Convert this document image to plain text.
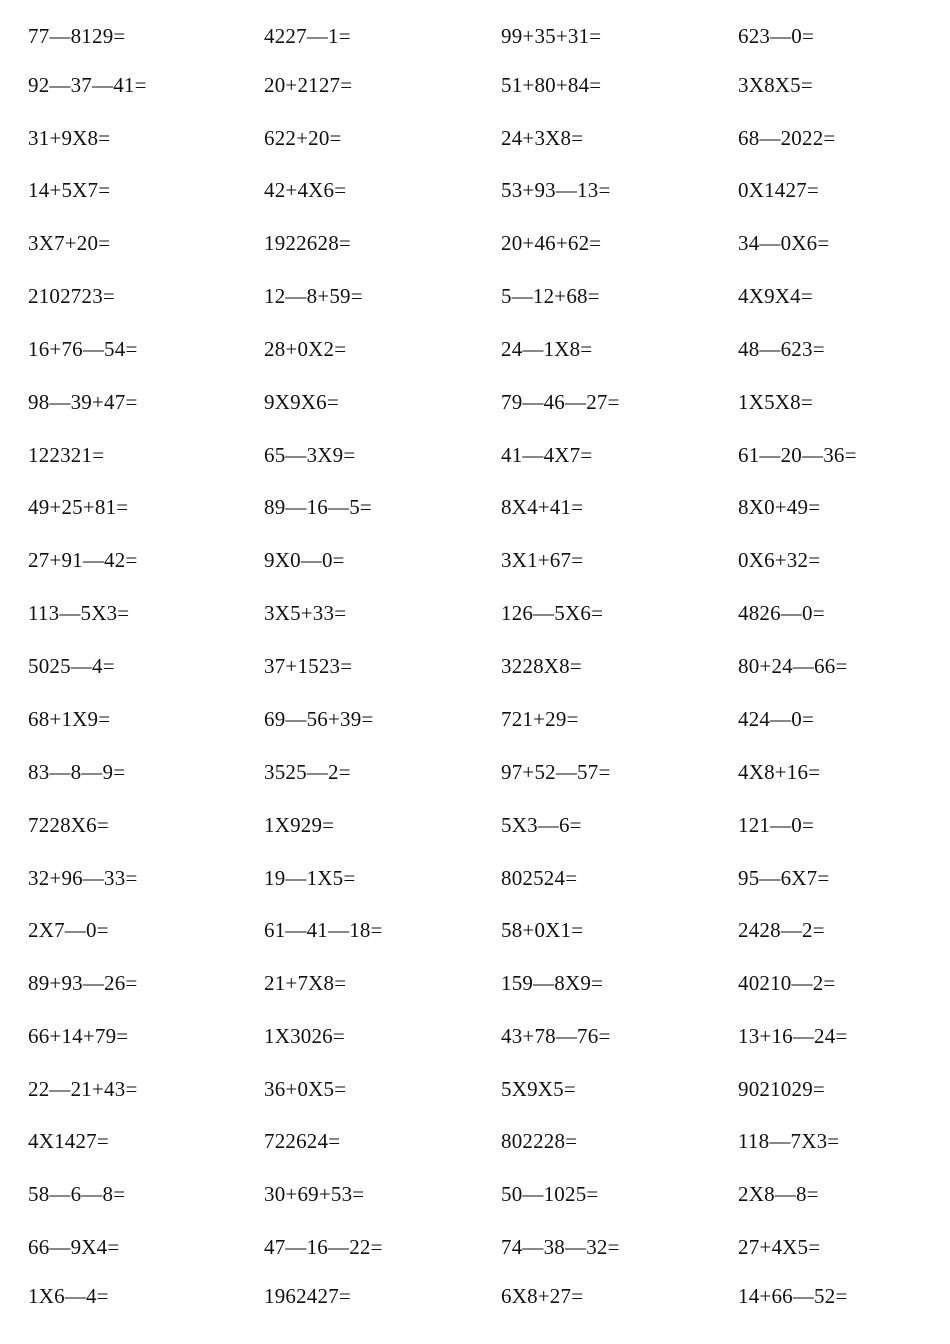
77—8129=	4227—1=	99+35+31=	623—0=
92—37—41=	20+2127=	51+80+84=	3X8X5=
31+9X8=	622+20=	24+3X8=	68—2022=
14+5X7=	42+4X6=	53+93—13=	0X1427=
3X7+20=	1922628=	20+46+62=	34—0X6=
2102723=	12—8+59=	5—12+68=	4X9X4=
16+76—54=	28+0X2=	24—1X8=	48—623=
98—39+47=	9X9X6=	79—46—27=	1X5X8=
122321=	65—3X9=	41—4X7=	61—20—36=
49+25+81=	89—16—5=	8X4+41=	8X0+49=
27+91—42=	9X0—0=	3X1+67=	0X6+32=
113—5X3=	3X5+33=	126—5X6=	4826—0=
5025—4=	37+1523=	3228X8=	80+24—66=
68+1X9=	69—56+39=	721+29=	424—0=
83—8—9=	3525—2=	97+52—57=	4X8+16=
7228X6=	1X929=	5X3—6=	121—0=
32+96—33=	19—1X5=	802524=	95—6X7=
2X7—0=	61—41—18=	58+0X1=	2428—2=
89+93—26=	21+7X8=	159—8X9=	40210—2=
66+14+79=	1X3026=	43+78—76=	13+16—24=
22—21+43=	36+0X5=	5X9X5=	9021029=
4X1427=	722624=	802228=	118—7X3=
58—6—8=	30+69+53=	50—1025=	2X8—8=
66—9X4=	47—16—22=	74—38—32=	27+4X5=
1X6—4=	1962427=	6X8+27=	14+66—52=
